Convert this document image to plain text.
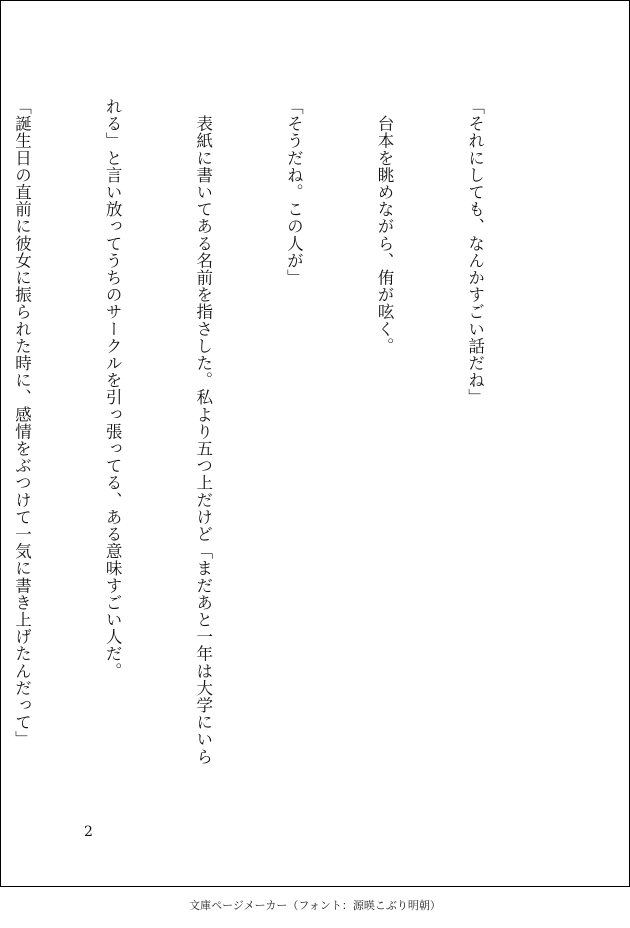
「それにしても、なんかすごい話だね」

　台本を眺めながら、侑が呟く。

「そうだね。この人が」

　表紙に書いてある名前を指さした。私より五つ上だけど「まだあと一年は大学にいら

れる」と言い放ってうちのサークルを引っ張ってる、ある意味すごい人だ。

「誕生日の直前に彼女に振られた時に、感情をぶつけて一気に書き上げたんだって」

2
文庫ページメーカー（フォント：源暎こぶり明朝）
